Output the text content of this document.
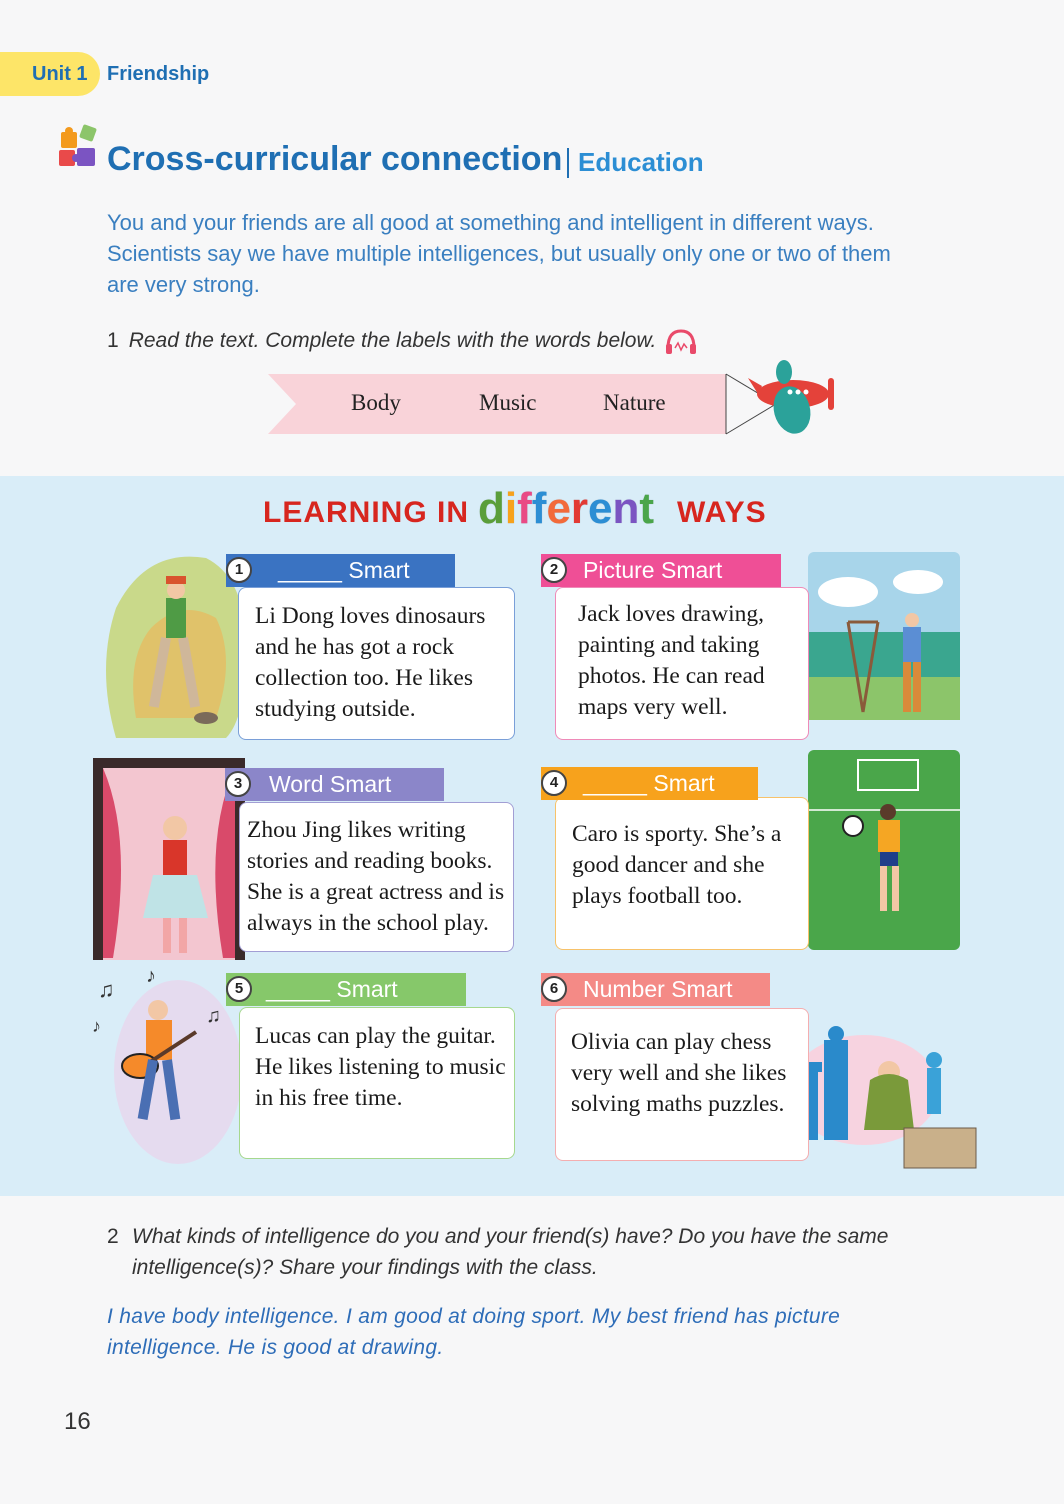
Unit 1 Friendship
Cross-curricular connection Education
You and your friends are all good at something and intelligent in different ways. Scientists say we have multiple intelligences, but usually only one or two of them are very strong.
1 Read the text. Complete the labels with the words below.
Body	Music	Nature
LEARNING IN different WAYS
♫
♪
♪	♫
_____ Smart
1
Li Dong loves dinosaurs and he has got a rock collection too. He likes studying outside.
Picture Smart
2
Jack loves drawing, painting and taking photos. He can read maps very well.
Word Smart
3
Zhou Jing likes writing stories and reading books. She is a great actress and is always in the school play.
_____ Smart
4
Caro is sporty. She’s a good dancer and she plays football too.
_____ Smart
5
Lucas can play the guitar. He likes listening to music in his free time.
Number Smart
6
Olivia can play chess very well and she likes solving maths puzzles.
2 What kinds of intelligence do you and your friend(s) have? Do you have the same intelligence(s)? Share your findings with the class.
I have body intelligence. I am good at doing sport. My best friend has picture intelligence. He is good at drawing.
16
